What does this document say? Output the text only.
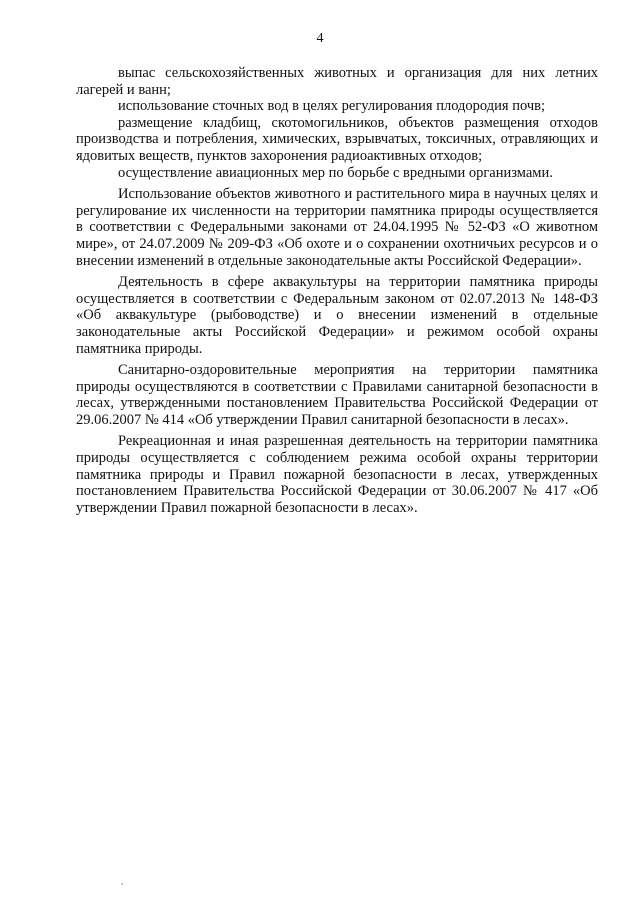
4

выпас сельскохозяйственных животных и организация для них летних лагерей и ванн;

использование сточных вод в целях регулирования плодородия почв;

размещение кладбищ, скотомогильников, объектов размещения отходов производства и потребления, химических, взрывчатых, токсичных, отравляющих и ядовитых веществ, пунктов захоронения радиоактивных отходов;

осуществление авиационных мер по борьбе с вредными организмами.

Использование объектов животного и растительного мира в научных целях и регулирование их численности на территории памятника природы осуществляется в соответствии с Федеральными законами от 24.04.1995 № 52-ФЗ «О животном мире», от 24.07.2009 № 209-ФЗ «Об охоте и о сохранении охотничьих ресурсов и о внесении изменений в отдельные законодательные акты Российской Федерации».

Деятельность в сфере аквакультуры на территории памятника природы осуществляется в соответствии с Федеральным законом от 02.07.2013 № 148-ФЗ «Об аквакультуре (рыбоводстве) и о внесении изменений в отдельные законодательные акты Российской Федерации» и режимом особой охраны памятника природы.

Санитарно-оздоровительные мероприятия на территории памятника природы осуществляются в соответствии с Правилами санитарной безопасности в лесах, утвержденными постановлением Правительства Российской Федерации от 29.06.2007 № 414 «Об утверждении Правил санитарной безопасности в лесах».

Рекреационная и иная разрешенная деятельность на территории памятника природы осуществляется с соблюдением режима особой охраны территории памятника природы и Правил пожарной безопасности в лесах, утвержденных постановлением Правительства Российской Федерации от 30.06.2007 № 417 «Об утверждении Правил пожарной безопасности в лесах».
